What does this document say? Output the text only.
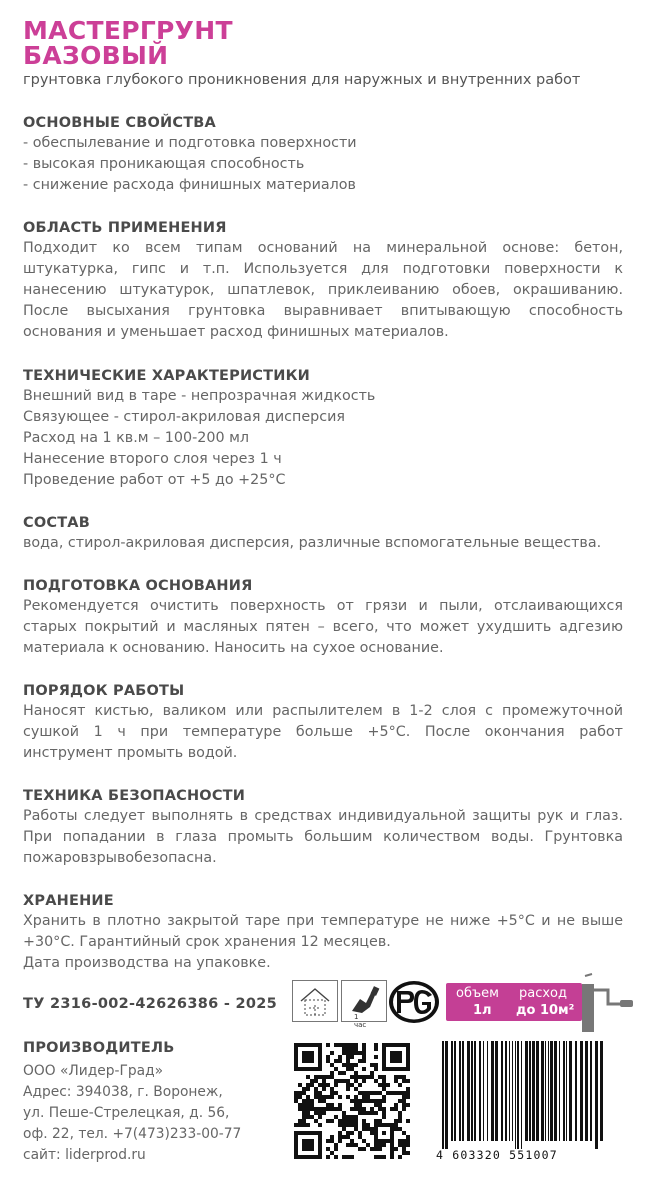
МАСТЕРГРУНТ
БАЗОВЫЙ
грунтовка глубокого проникновения для наружных и внутренних работ
ОСНОВНЫЕ СВОЙСТВА
- обеспылевание и подготовка поверхности
- высокая проникающая способность
- снижение расхода финишных материалов
ОБЛАСТЬ ПРИМЕНЕНИЯ
Подходит ко всем типам оснований на минеральной основе: бетон, штукатурка, гипс и т.п. Используется для подготовки поверхности к нанесению штукатурок, шпатлевок, приклеиванию обоев, окрашиванию. После высыхания грунтовка выравнивает впитывающую способность основания и уменьшает расход финишных материалов.
ТЕХНИЧЕСКИЕ ХАРАКТЕРИСТИКИ
Внешний вид в таре - непрозрачная жидкость
Связующее - стирол-акриловая дисперсия
Расход на 1 кв.м – 100-200 мл
Нанесение второго слоя через 1 ч
Проведение работ от +5 до +25°С
СОСТАВ
вода, стирол-акриловая дисперсия, различные вспомогательные вещества.
ПОДГОТОВКА ОСНОВАНИЯ
Рекомендуется очистить поверхность от грязи и пыли, отслаивающихся старых покрытий и масляных пятен – всего, что может ухудшить адгезию материала к основанию. Наносить на сухое основание.
ПОРЯДОК РАБОТЫ
Наносят кистью, валиком или распылителем в 1-2 слоя с промежуточной сушкой 1 ч при температуре больше +5°С. После окончания работ инструмент промыть водой.
ТЕХНИКА БЕЗОПАСНОСТИ
Работы следует выполнять в средствах индивидуальной защиты рук и глаз. При попадании в глаза промыть большим количеством воды. Грунтовка пожаровзрывобезопасна.
ХРАНЕНИЕ
Хранить в плотно закрытой таре при температуре не ниже +5°С и не выше +30°С. Гарантийный срок хранения 12 месяцев.
Дата производства на упаковке.
ТУ 2316-002-42626386 - 2025
1 час
объем расход
1л до 10м²
ПРОИЗВОДИТЕЛЬ
ООО «Лидер-Град»
Адрес: 394038, г. Воронеж,
ул. Пеше-Стрелецкая, д. 56,
оф. 22, тел. +7(473)233-00-77
сайт: liderprod.ru	4 603320 551007
